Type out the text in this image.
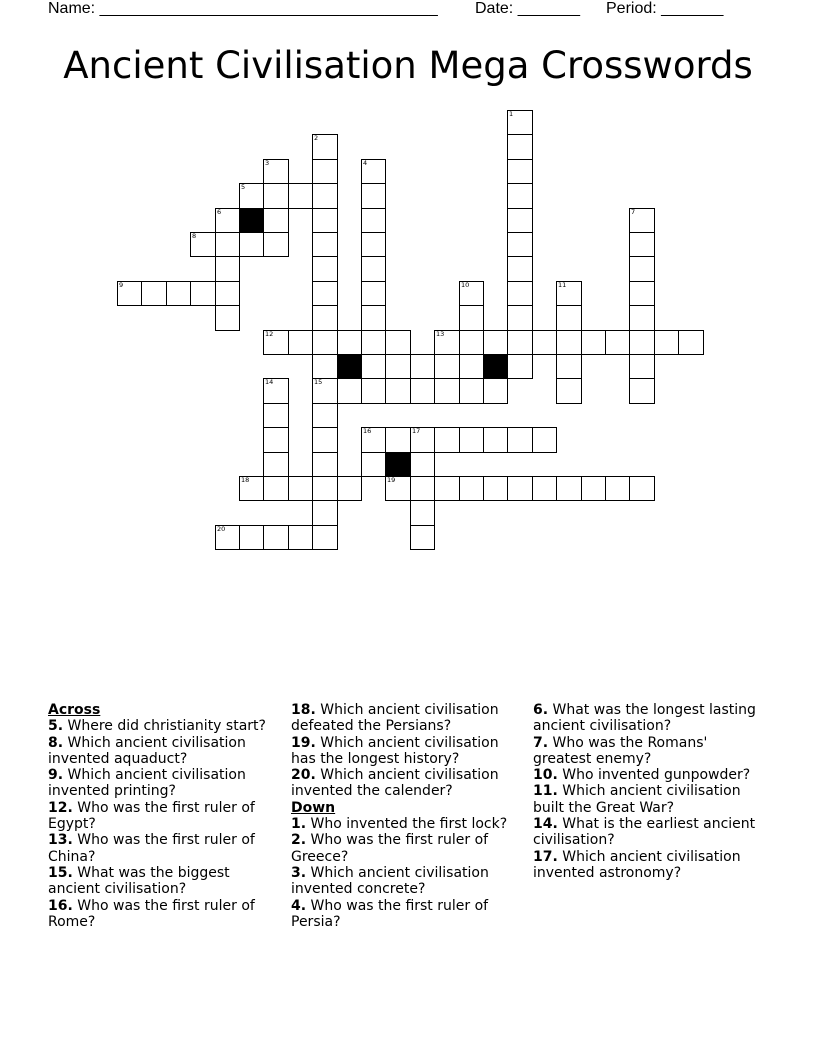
Name: ______________________________________ Date: _______ Period: _______
Ancient Civilisation Mega Crosswords
1
2
15
3	4
7
10	11
14
17
6
5
8
9
12	13
16
18	19
20
Across
5. Where did christianity start?
8. Which ancient civilisation invented aquaduct?
9. Which ancient civilisation invented printing?
12. Who was the first ruler of Egypt?
13. Who was the first ruler of China?
15. What was the biggest ancient civilisation?
16. Who was the first ruler of Rome?
18. Which ancient civilisation defeated the Persians?
19. Which ancient civilisation has the longest history?
20. Which ancient civilisation invented the calender?
Down
1. Who invented the first lock?
2. Who was the first ruler of Greece?
3. Which ancient civilisation invented concrete?
4. Who was the first ruler of Persia?
6. What was the longest lasting ancient civilisation?
7. Who was the Romans' greatest enemy?
10. Who invented gunpowder?
11. Which ancient civilisation built the Great War?
14. What is the earliest ancient civilisation?
17. Which ancient civilisation invented astronomy?
